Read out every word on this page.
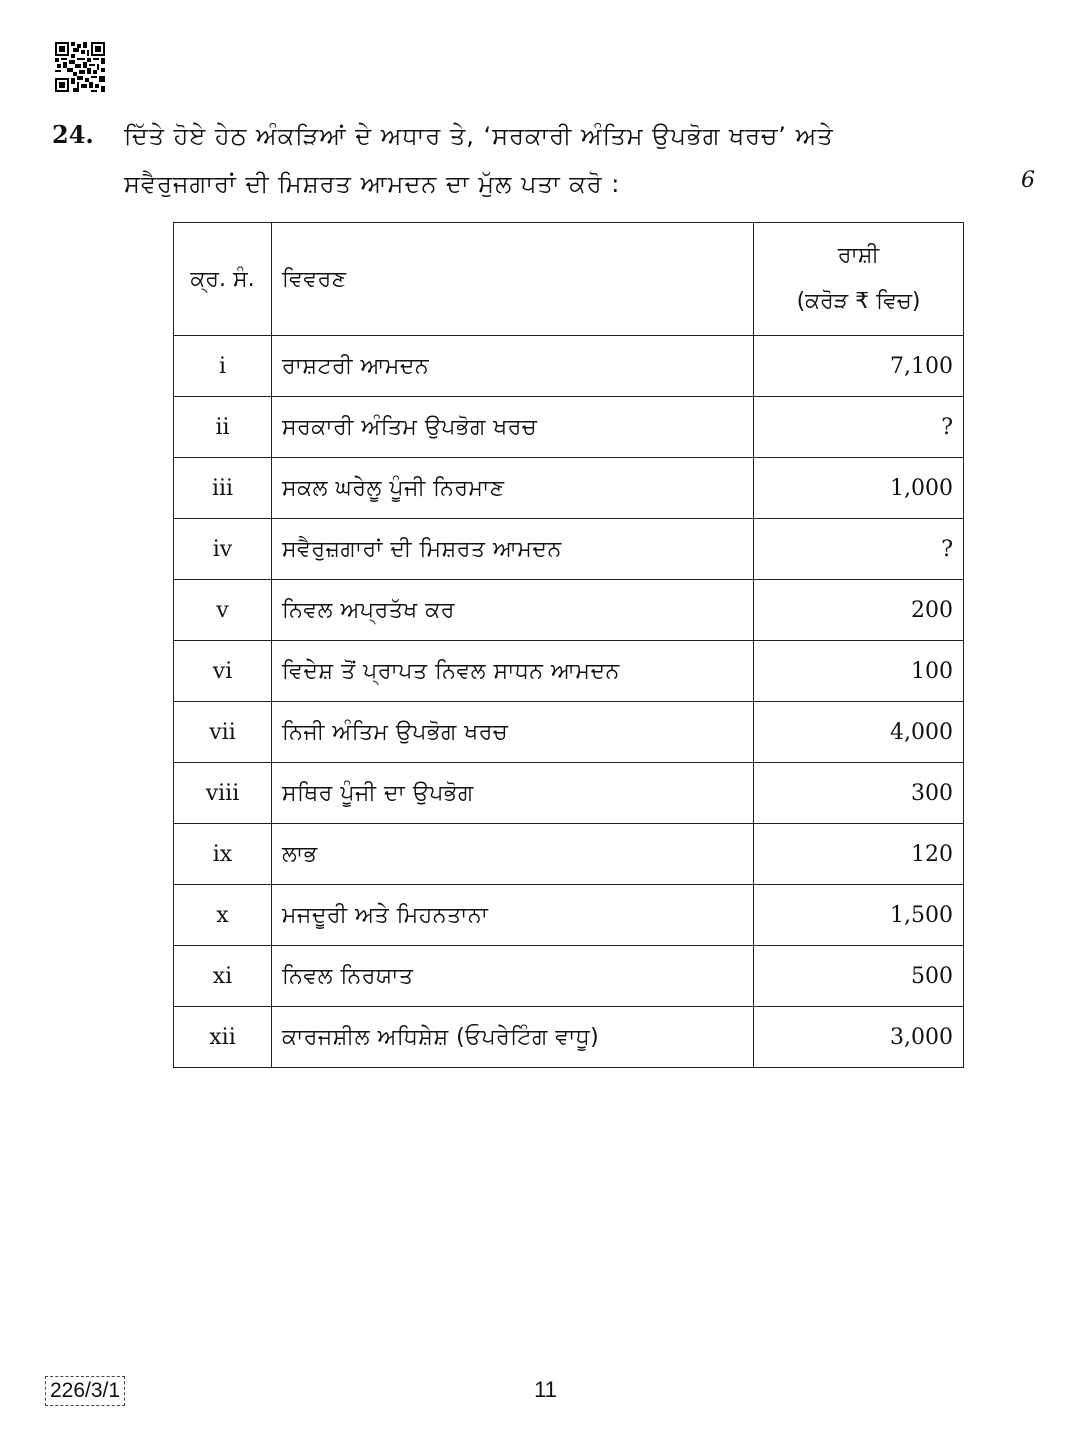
24. ਦਿੱਤੇ ਹੋਏ ਹੇਠ ਅੰਕੜਿਆਂ ਦੇ ਅਧਾਰ ਤੇ, ‘ਸਰਕਾਰੀ ਅੰਤਿਮ ਉਪਭੋਗ ਖਰਚ’ ਅਤੇ
ਸਵੈਰੁਜਗਾਰਾਂ ਦੀ ਮਿਸ਼ਰਤ ਆਮਦਨ ਦਾ ਮੁੱਲ ਪਤਾ ਕਰੋ :	6
ਕ੍ਰ. ਸੰ.	ਵਿਵਰਣ	ਰਾਸ਼ੀ
(ਕਰੋੜ ₹ ਵਿਚ)

i	ਰਾਸ਼ਟਰੀ ਆਮਦਨ	7,100
ii	ਸਰਕਾਰੀ ਅੰਤਿਮ ਉਪਭੋਗ ਖਰਚ	?
iii	ਸਕਲ ਘਰੇਲੂ ਪੂੰਜੀ ਨਿਰਮਾਣ	1,000
iv	ਸਵੈਰੁਜ਼ਗਾਰਾਂ ਦੀ ਮਿਸ਼ਰਤ ਆਮਦਨ	?
v	ਨਿਵਲ ਅਪ੍ਰਤੱਖ ਕਰ	200
vi	ਵਿਦੇਸ਼ ਤੋਂ ਪ੍ਰਾਪਤ ਨਿਵਲ ਸਾਧਨ ਆਮਦਨ	100
vii	ਨਿਜੀ ਅੰਤਿਮ ਉਪਭੋਗ ਖਰਚ	4,000
viii	ਸਥਿਰ ਪੂੰਜੀ ਦਾ ਉਪਭੋਗ	300
ix	ਲਾਭ	120
x	ਮਜਦੂਰੀ ਅਤੇ ਮਿਹਨਤਾਨਾ	1,500
xi	ਨਿਵਲ ਨਿਰਯਾਤ	500
xii	ਕਾਰਜਸ਼ੀਲ ਅਧਿਸ਼ੇਸ਼ (ਓਪਰੇਟਿੰਗ ਵਾਧੂ)	3,000
226/3/1	11
